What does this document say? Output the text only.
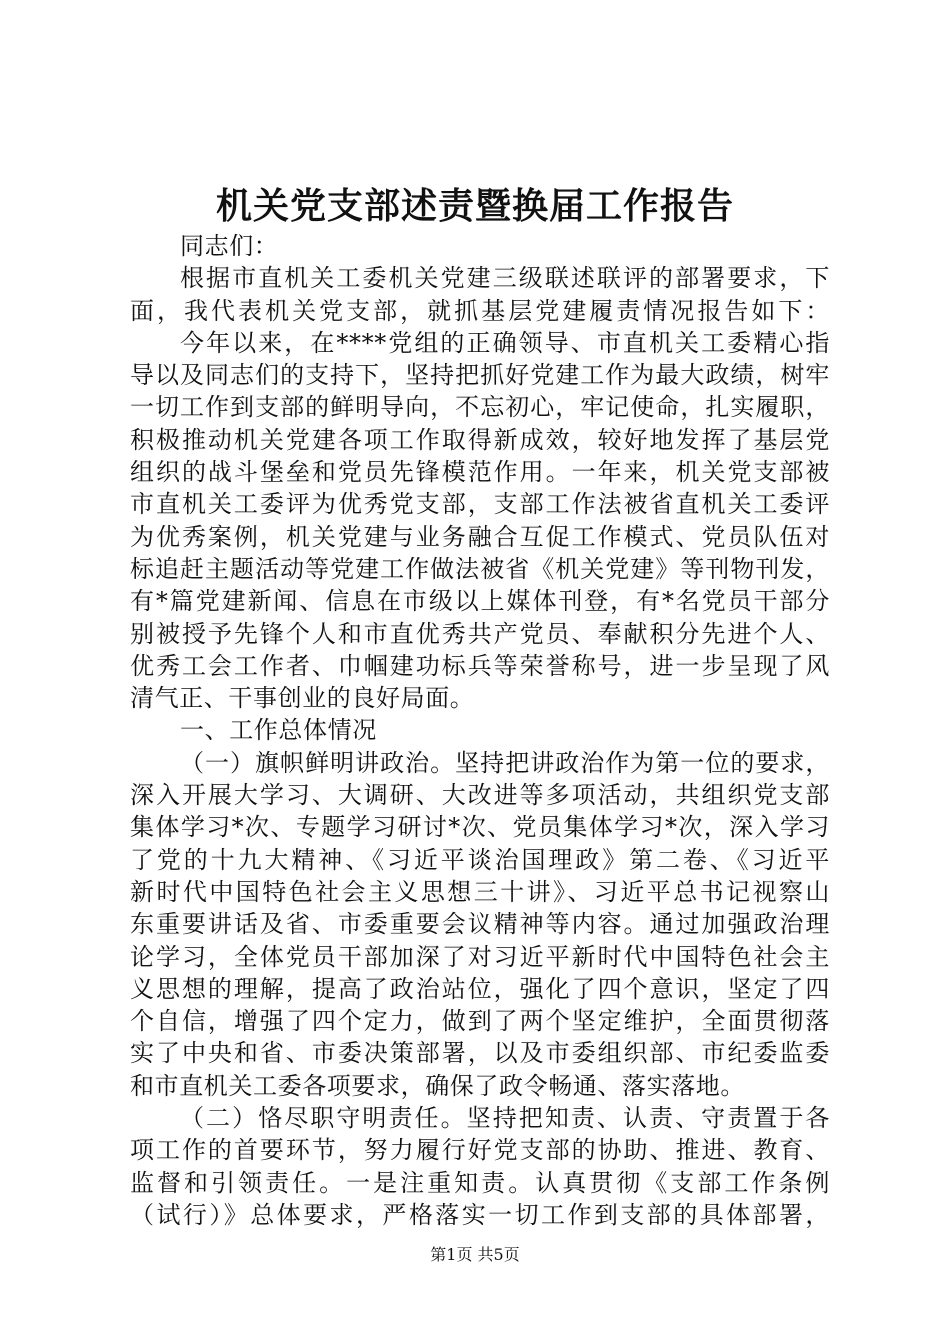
机关党支部述责暨换届工作报告
同志们：
根据市直机关工委机关党建三级联述联评的部署要求，下
面，我代表机关党支部，就抓基层党建履责情况报告如下：
今年以来，在****党组的正确领导、市直机关工委精心指
导以及同志们的支持下，坚持把抓好党建工作为最大政绩，树牢
一切工作到支部的鲜明导向，不忘初心，牢记使命，扎实履职，
积极推动机关党建各项工作取得新成效，较好地发挥了基层党
组织的战斗堡垒和党员先锋模范作用。一年来，机关党支部被
市直机关工委评为优秀党支部，支部工作法被省直机关工委评
为优秀案例，机关党建与业务融合互促工作模式、党员队伍对
标追赶主题活动等党建工作做法被省《机关党建》等刊物刊发，
有*篇党建新闻、信息在市级以上媒体刊登，有*名党员干部分
别被授予先锋个人和市直优秀共产党员、奉献积分先进个人、
优秀工会工作者、巾帼建功标兵等荣誉称号，进一步呈现了风
清气正、干事创业的良好局面。
一、工作总体情况
（一）旗帜鲜明讲政治。坚持把讲政治作为第一位的要求，
深入开展大学习、大调研、大改进等多项活动，共组织党支部
集体学习*次、专题学习研讨*次、党员集体学习*次，深入学习
了党的十九大精神、《习近平谈治国理政》第二卷、《习近平
新时代中国特色社会主义思想三十讲》、习近平总书记视察山
东重要讲话及省、市委重要会议精神等内容。通过加强政治理
论学习，全体党员干部加深了对习近平新时代中国特色社会主
义思想的理解，提高了政治站位，强化了四个意识，坚定了四
个自信，增强了四个定力，做到了两个坚定维护，全面贯彻落
实了中央和省、市委决策部署，以及市委组织部、市纪委监委
和市直机关工委各项要求，确保了政令畅通、落实落地。
（二）恪尽职守明责任。坚持把知责、认责、守责置于各
项工作的首要环节，努力履行好党支部的协助、推进、教育、
监督和引领责任。一是注重知责。认真贯彻《支部工作条例
（试行）》总体要求，严格落实一切工作到支部的具体部署，
第1页 共5页
